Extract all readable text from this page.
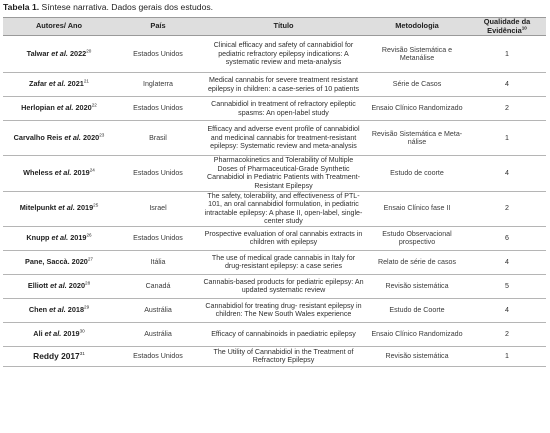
Tabela 1. Síntese narrativa. Dados gerais dos estudos.
Autores/ Ano	País	Título	Metodologia	Qualidade da Evidência$^{10}$
Talwar et al. 2022$^{20}$	Estados Unidos	Clinical efficacy and safety of cannabidiol for pediatric refractory epilepsy indications: A systematic review and meta-analysis	Revisão Sistemática e Metanálise	1
Zafar et al. 2021$^{21}$	Inglaterra	Medical cannabis for severe treatment resistant epilepsy in children: a case-series of 10 patients	Série de Casos	4
Herlopian et al. 2020$^{22}$	Estados Unidos	Cannabidiol in treatment of refractory epileptic spasms: An open-label study	Ensaio Clínico Randomizado	2
Carvalho Reis et al. 2020$^{23}$	Brasil	Efficacy and adverse event profile of cannabidiol and medicinal cannabis for treatment-resistant epilepsy: Systematic review and meta-analysis	Revisão Sistemática e Meta-nálise	1
Wheless et al. 2019$^{24}$	Estados Unidos	Pharmacokinetics and Tolerability of Multiple Doses of Pharmaceutical-Grade Synthetic Cannabidiol in Pediatric Patients with Treatment-Resistant Epilepsy	Estudo de coorte	4
Mitelpunkt et al. 2019$^{25}$	Israel	The safety, tolerability, and effectiveness of PTL-101, an oral cannabidiol formulation, in pediatric intractable epilepsy: A phase II, open-label, single-center study	Ensaio Clínico fase II	2
Knupp et al. 2019$^{26}$	Estados Unidos	Prospective evaluation of oral cannabis extracts in children with epilepsy	Estudo Observacional prospectivo	6
Pane, Saccà. 2020$^{27}$	Itália	The use of medical grade cannabis in Italy for drug-resistant epilepsy: a case series	Relato de série de casos	4
Elliott et al. 2020$^{28}$	Canadá	Cannabis-based products for pediatric epilepsy: An updated systematic review	Revisão sistemática	5
Chen et al. 2018$^{29}$	Austrália	Cannabidiol for treating drug- resistant epilepsy in children: The New South Wales experience	Estudo de Coorte	4
Ali et al. 2019$^{30}$	Austrália	Efficacy of cannabinoids in paediatric epilepsy	Ensaio Clínico Randomizado	2
Reddy 2017$^{31}$	Estados Unidos	The Utility of Cannabidiol in the Treatment of Refractory Epilepsy	Revisão sistemática	1
